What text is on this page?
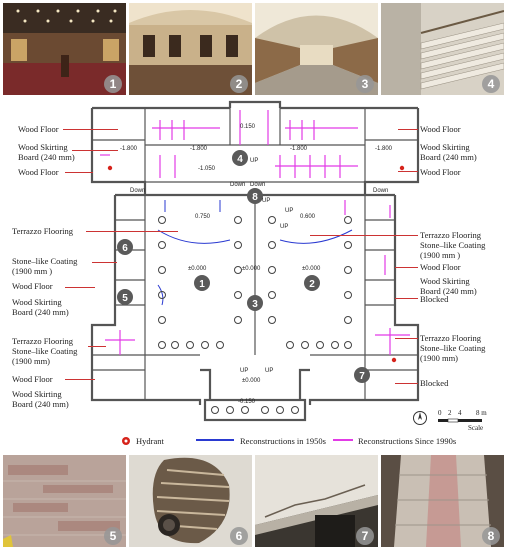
1	2	3	4
0.150
-1.800	-1.800	-1.800	-1.800
-1.050
0.750	0.600
±0.000	±0.000	±0.000
±0.000
-0.150
UP
UP
UP
UP
UP	UP
Down
Down Down
Down
1	2
3
4
5
6
7
8
Wood Floor
Wood Skirting
Board (240 mm)
Wood Floor
Terrazzo Flooring
Stone–like Coating
(1900 mm )
Wood Floor
Wood Skirting
Board (240 mm)
Terrazzo Flooring
Stone–like Coating
(1900 mm)
Wood Floor
Wood Skirting
Board (240 mm)
Wood Floor
Wood Skirting
Board (240 mm)
Wood Floor
Terrazzo Flooring
Stone–like Coating
(1900 mm )
Wood Floor
Wood Skirting
Board (240 mm)
Blocked
Terrazzo Flooring
Stone–like Coating
(1900 mm)
Blocked
0 2 4 8 m
Scale
Hydrant	Reconstructions in 1950s	Reconstructions Since 1990s
5	6	7	8
